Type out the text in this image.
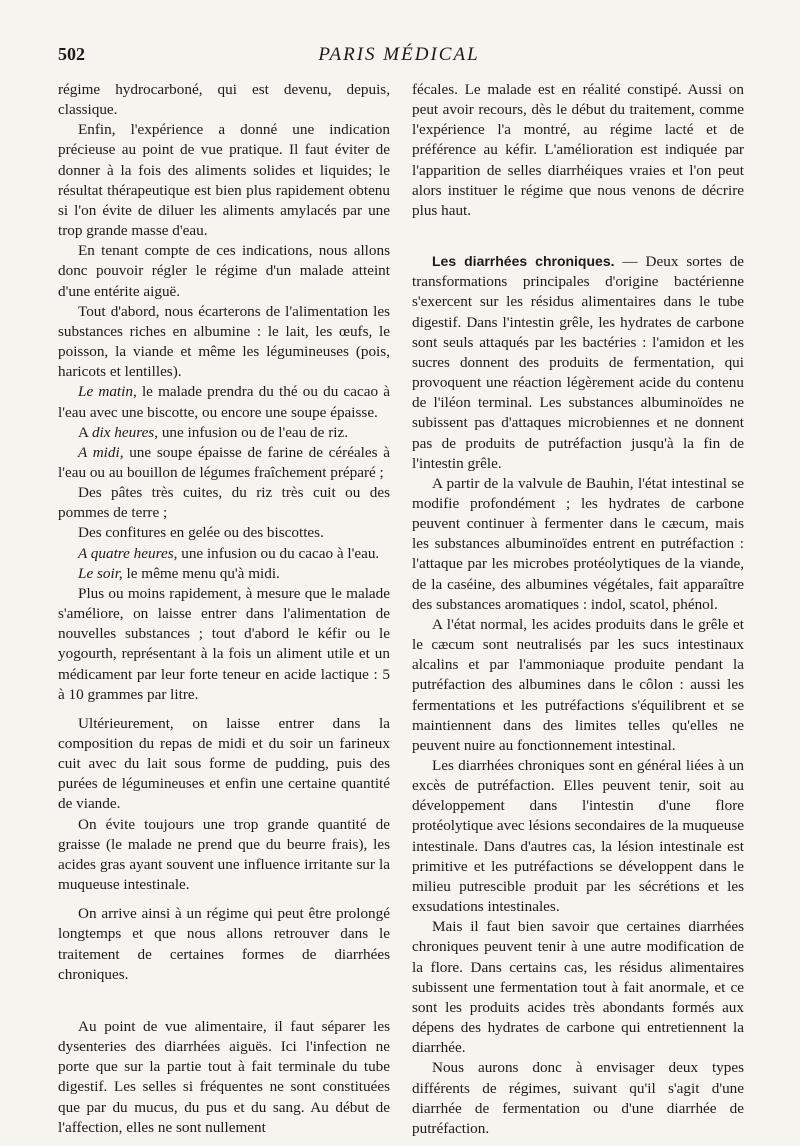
502	PARIS MÉDICAL

régime hydrocarboné, qui est devenu, depuis, classique.

Enfin, l'expérience a donné une indication précieuse au point de vue pratique. Il faut éviter de donner à la fois des aliments solides et liquides; le résultat thérapeutique est bien plus rapidement obtenu si l'on évite de diluer les aliments amylacés par une trop grande masse d'eau.

En tenant compte de ces indications, nous allons donc pouvoir régler le régime d'un malade atteint d'une entérite aiguë.

Tout d'abord, nous écarterons de l'alimentation les substances riches en albumine : le lait, les œufs, le poisson, la viande et même les légumineuses (pois, haricots et lentilles).

Le matin, le malade prendra du thé ou du cacao à l'eau avec une biscotte, ou encore une soupe épaisse.

A dix heures, une infusion ou de l'eau de riz.

A midi, une soupe épaisse de farine de céréales à l'eau ou au bouillon de légumes fraîchement préparé ;

Des pâtes très cuites, du riz très cuit ou des pommes de terre ;

Des confitures en gelée ou des biscottes.

A quatre heures, une infusion ou du cacao à l'eau.

Le soir, le même menu qu'à midi.

Plus ou moins rapidement, à mesure que le malade s'améliore, on laisse entrer dans l'alimentation de nouvelles substances ; tout d'abord le kéfir ou le yogourth, représentant à la fois un aliment utile et un médicament par leur forte teneur en acide lactique : 5 à 10 grammes par litre.

Ultérieurement, on laisse entrer dans la composition du repas de midi et du soir un farineux cuit avec du lait sous forme de pudding, puis des purées de légumineuses et enfin une certaine quantité de viande.

On évite toujours une trop grande quantité de graisse (le malade ne prend que du beurre frais), les acides gras ayant souvent une influence irritante sur la muqueuse intestinale.

On arrive ainsi à un régime qui peut être prolongé longtemps et que nous allons retrouver dans le traitement de certaines formes de diarrhées chroniques.

Au point de vue alimentaire, il faut séparer les dysenteries des diarrhées aiguës. Ici l'infection ne porte que sur la partie tout à fait terminale du tube digestif. Les selles si fréquentes ne sont constituées que par du mucus, du pus et du sang. Au début de l'affection, elles ne sont nullement

fécales. Le malade est en réalité constipé. Aussi on peut avoir recours, dès le début du traitement, comme l'expérience l'a montré, au régime lacté et de préférence au kéfir. L'amélioration est indiquée par l'apparition de selles diarrhéiques vraies et l'on peut alors instituer le régime que nous venons de décrire plus haut.

Les diarrhées chroniques. — Deux sortes de transformations principales d'origine bactérienne s'exercent sur les résidus alimentaires dans le tube digestif. Dans l'intestin grêle, les hydrates de carbone sont seuls attaqués par les bactéries : l'amidon et les sucres donnent des produits de fermentation, qui provoquent une réaction légèrement acide du contenu de l'iléon terminal. Les substances albuminoïdes ne subissent pas d'attaques microbiennes et ne donnent pas de produits de putréfaction jusqu'à la fin de l'intestin grêle.

A partir de la valvule de Bauhin, l'état intestinal se modifie profondément ; les hydrates de carbone peuvent continuer à fermenter dans le cæcum, mais les substances albuminoïdes entrent en putréfaction : l'attaque par les microbes protéolytiques de la viande, de la caséine, des albumines végétales, fait apparaître des substances aromatiques : indol, scatol, phénol.

A l'état normal, les acides produits dans le grêle et le cæcum sont neutralisés par les sucs intestinaux alcalins et par l'ammoniaque produite pendant la putréfaction des albumines dans le côlon : aussi les fermentations et les putréfactions s'équilibrent et se maintiennent dans des limites telles qu'elles ne peuvent nuire au fonctionnement intestinal.

Les diarrhées chroniques sont en général liées à un excès de putréfaction. Elles peuvent tenir, soit au développement dans l'intestin d'une flore protéolytique avec lésions secondaires de la muqueuse intestinale. Dans d'autres cas, la lésion intestinale est primitive et les putréfactions se développent dans le milieu putrescible produit par les sécrétions et les exsudations intestinales.

Mais il faut bien savoir que certaines diarrhées chroniques peuvent tenir à une autre modification de la flore. Dans certains cas, les résidus alimentaires subissent une fermentation tout à fait anormale, et ce sont les produits acides très abondants formés aux dépens des hydrates de carbone qui entretiennent la diarrhée.

Nous aurons donc à envisager deux types différents de régimes, suivant qu'il s'agit d'une diarrhée de fermentation ou d'une diarrhée de putréfaction.
